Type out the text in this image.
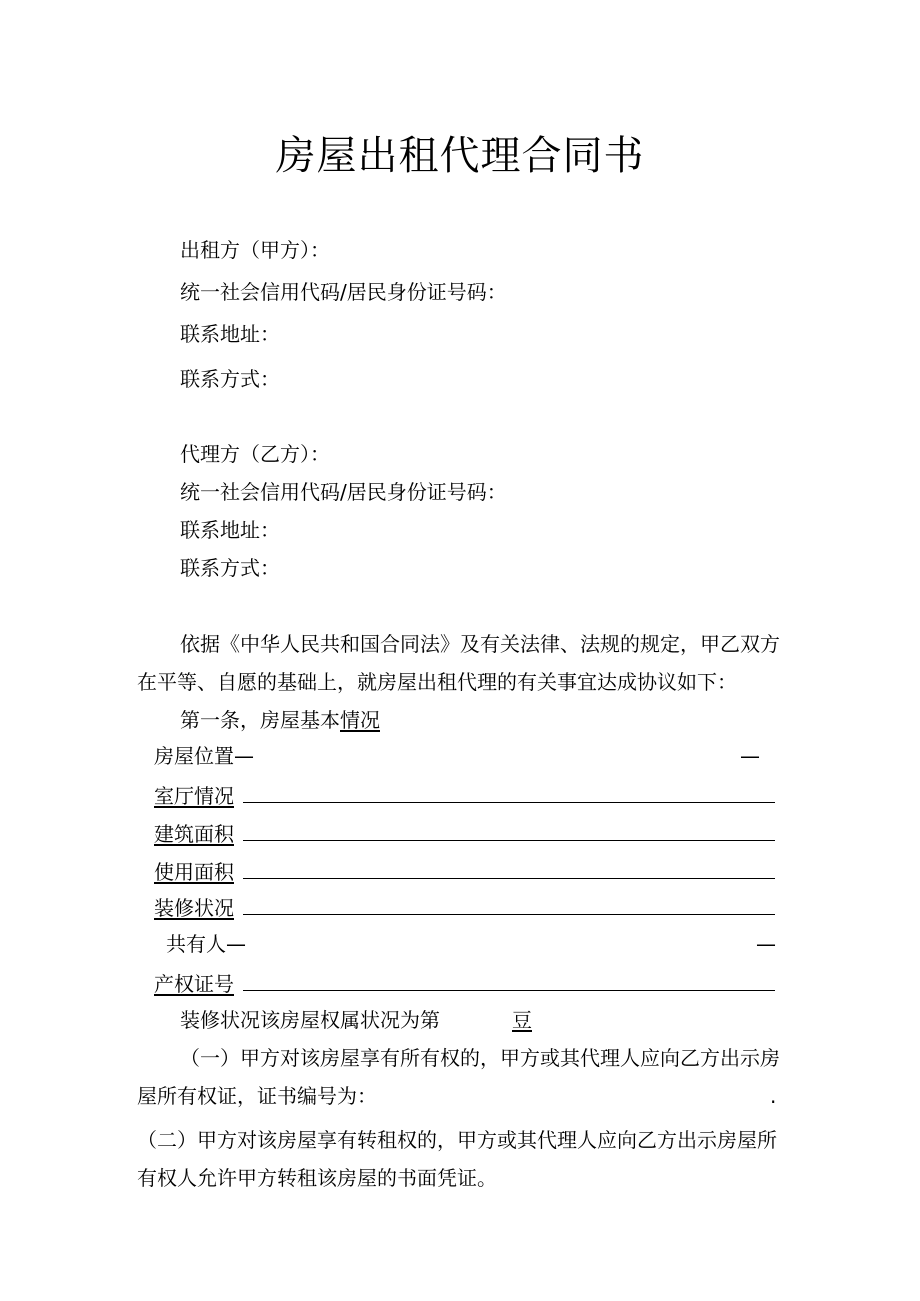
房屋出租代理合同书
出租方（甲方）：
统一社会信用代码/居民身份证号码：
联系地址：
联系方式：
代理方（乙方）：
统一社会信用代码/居民身份证号码：
联系地址：
联系方式：
依据《中华人民共和国合同法》及有关法律、法规的规定，甲乙双方
在平等、自愿的基础上，就房屋出租代理的有关事宜达成协议如下：
第一条，房屋基本情况
房屋位置—	—
室厅情况
建筑面积
使用面积
装修状况
共有人—	—
产权证号
装修状况该房屋权属状况为第	豆
（一）甲方对该房屋享有所有权的，甲方或其代理人应向乙方出示房
屋所有权证，证书编号为：	.
（二）甲方对该房屋享有转租权的，甲方或其代理人应向乙方出示房屋所
有权人允许甲方转租该房屋的书面凭证。
